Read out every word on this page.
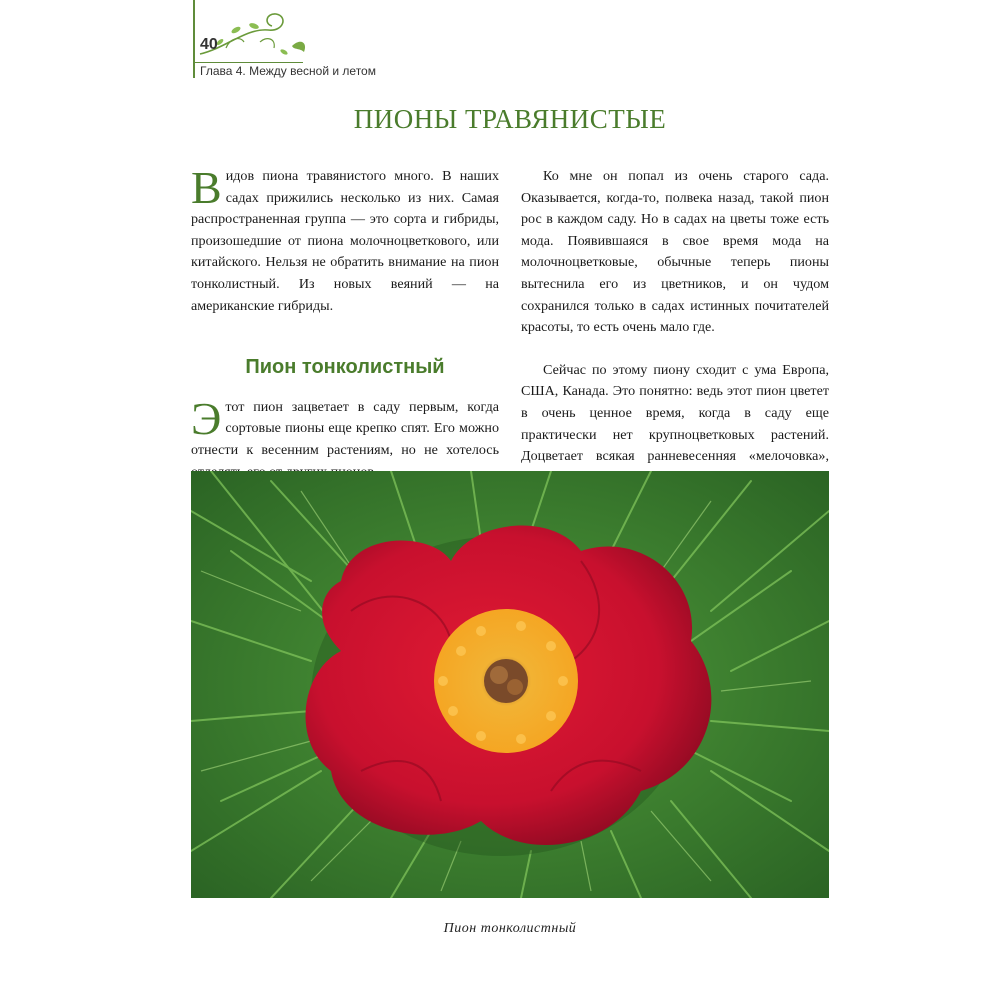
40
Глава 4. Между весной и летом
ПИОНЫ ТРАВЯНИСТЫЕ

Видов пиона травянистого много. В наших садах прижились несколько из них. Самая распространенная группа — это сорта и гибриды, произошедшие от пиона молочноцветкового, или китайского. Нельзя не обратить внимание на пион тонколистный. Из новых веяний — на американские гибриды.

Пион тонколистный

Этот пион зацветает в саду первым, когда сортовые пионы еще крепко спят. Его можно отнести к весенним растениям, но не хотелось

Ко мне он попал из очень старого сада. Оказывается, когда-то, полвека назад, такой пион рос в каждом саду. Но в садах на цветы тоже есть мода. Появившаяся в свое время мода на молочноцветковые, обычные теперь пионы вытеснила его из цветников, и он чудом сохранился только в садах истинных почитателей красоты, то есть очень мало где.

Сейчас по этому пиону сходит с ума Европа, США, Канада. Это понятно: ведь этот пион цветет в очень ценное время, когда в саду еще практически нет крупноцветковых растений. Доцветает всякая ранневесенняя «мелочовка»,

Пион тонколистный
